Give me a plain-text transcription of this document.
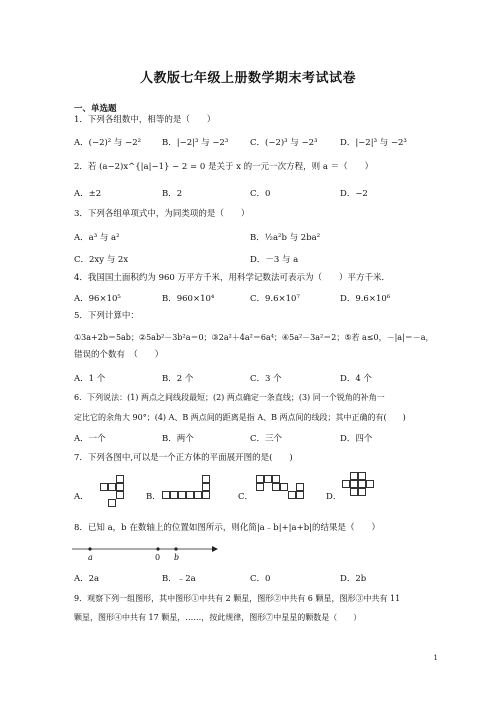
人教版七年级上册数学期末考试试卷
一、单选题
1．下列各组数中，相等的是（　　）
A．(−2)² 与 −2² B．|−2|³ 与 −2³	C．(−2)³ 与 −2³	D．|−2|³ 与 −2³
2．若 (a−2)x^{|a|−1} − 2 = 0 是关于 x 的一元一次方程，则 a ＝（　　）
A．±2	B．2	C．0	D．−2
3．下列各组单项式中，为同类项的是（　　）
A．a³ 与 a²	B．½a²b 与 2ba²
C．2xy 与 2x	D．－3 与 a
4．我国国土面积约为 960 万平方千米，用科学记数法可表示为（　　）平方千米．
A．96×10⁵	B．960×10⁴	C．9.6×10⁷	D．9.6×10⁶
5．下列计算中：
①3a+2b＝5ab；②5ab²－3b²a＝0；③2a²＋4a²＝6a⁴；④5a²－3a²＝2；⑤若 a≤0，－|a|＝－a，
错误的个数有　（　　）
A．1 个	B．2 个	C．3 个	D．4 个
6．下列说法：(1) 两点之间线段最短；(2) 两点确定一条直线；(3) 同一个锐角的补角一
定比它的余角大 90°；(4) A、B 两点间的距离是指 A、B 两点间的线段；其中正确的有(　　)
A．一个	B．两个	C．三个	D．四个
7．下列各图中,可以是一个正方体的平面展开图的是(　　)
A．	B．	C．	D．
8．已知 a，b 在数轴上的位置如图所示，则化简|a﹣b|+|a+b|的结果是（　　）
a	0 b
A．2a	B．﹣2a	C．0	D．2b
9．观察下列一组图形，其中图形①中共有 2 颗星，图形②中共有 6 颗星，图形③中共有 11
颗星，图形④中共有 17 颗星，……，按此规律，图形⑦中星星的颗数是（　　）
1
